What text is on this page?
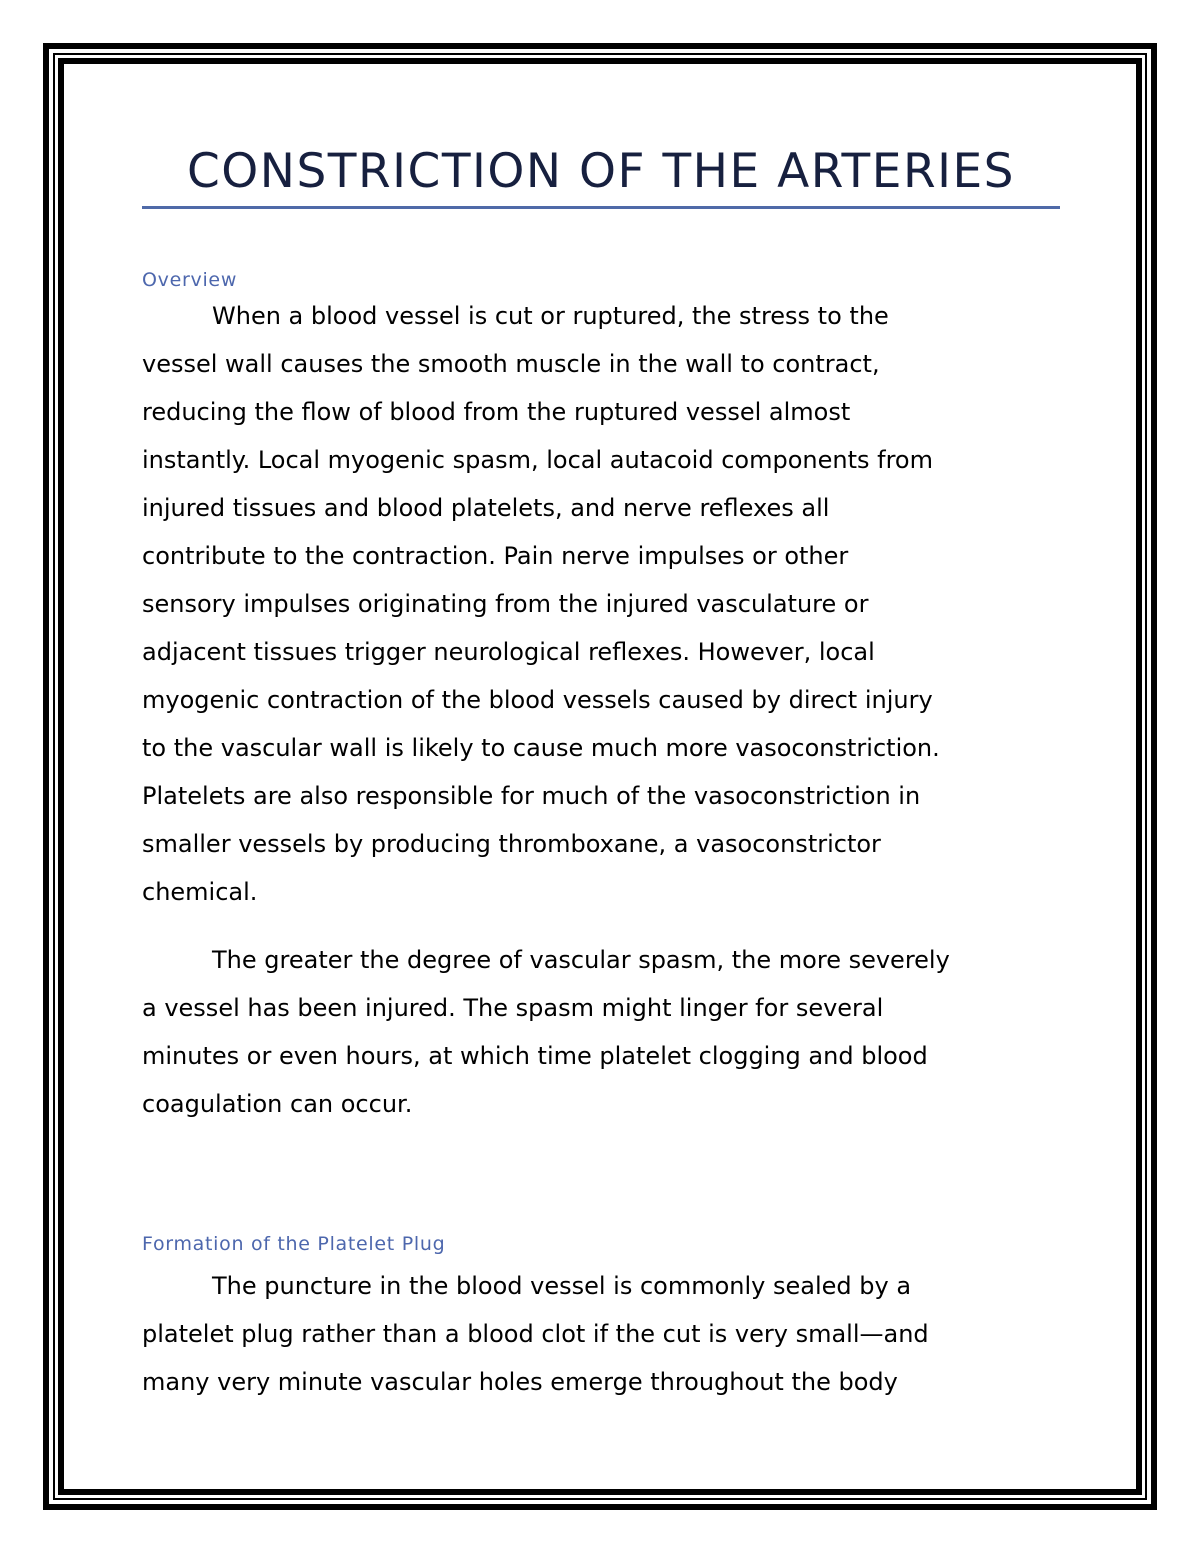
CONSTRICTION OF THE ARTERIES
Overview

When a blood vessel is cut or ruptured, the stress to the
vessel wall causes the smooth muscle in the wall to contract,
reducing the flow of blood from the ruptured vessel almost
instantly. Local myogenic spasm, local autacoid components from
injured tissues and blood platelets, and nerve reflexes all
contribute to the contraction. Pain nerve impulses or other
sensory impulses originating from the injured vasculature or
adjacent tissues trigger neurological reflexes. However, local
myogenic contraction of the blood vessels caused by direct injury
to the vascular wall is likely to cause much more vasoconstriction.
Platelets are also responsible for much of the vasoconstriction in
smaller vessels by producing thromboxane, a vasoconstrictor
chemical.

The greater the degree of vascular spasm, the more severely
a vessel has been injured. The spasm might linger for several
minutes or even hours, at which time platelet clogging and blood
coagulation can occur.

Formation of the Platelet Plug

The puncture in the blood vessel is commonly sealed by a
platelet plug rather than a blood clot if the cut is very small—and
many very minute vascular holes emerge throughout the body
